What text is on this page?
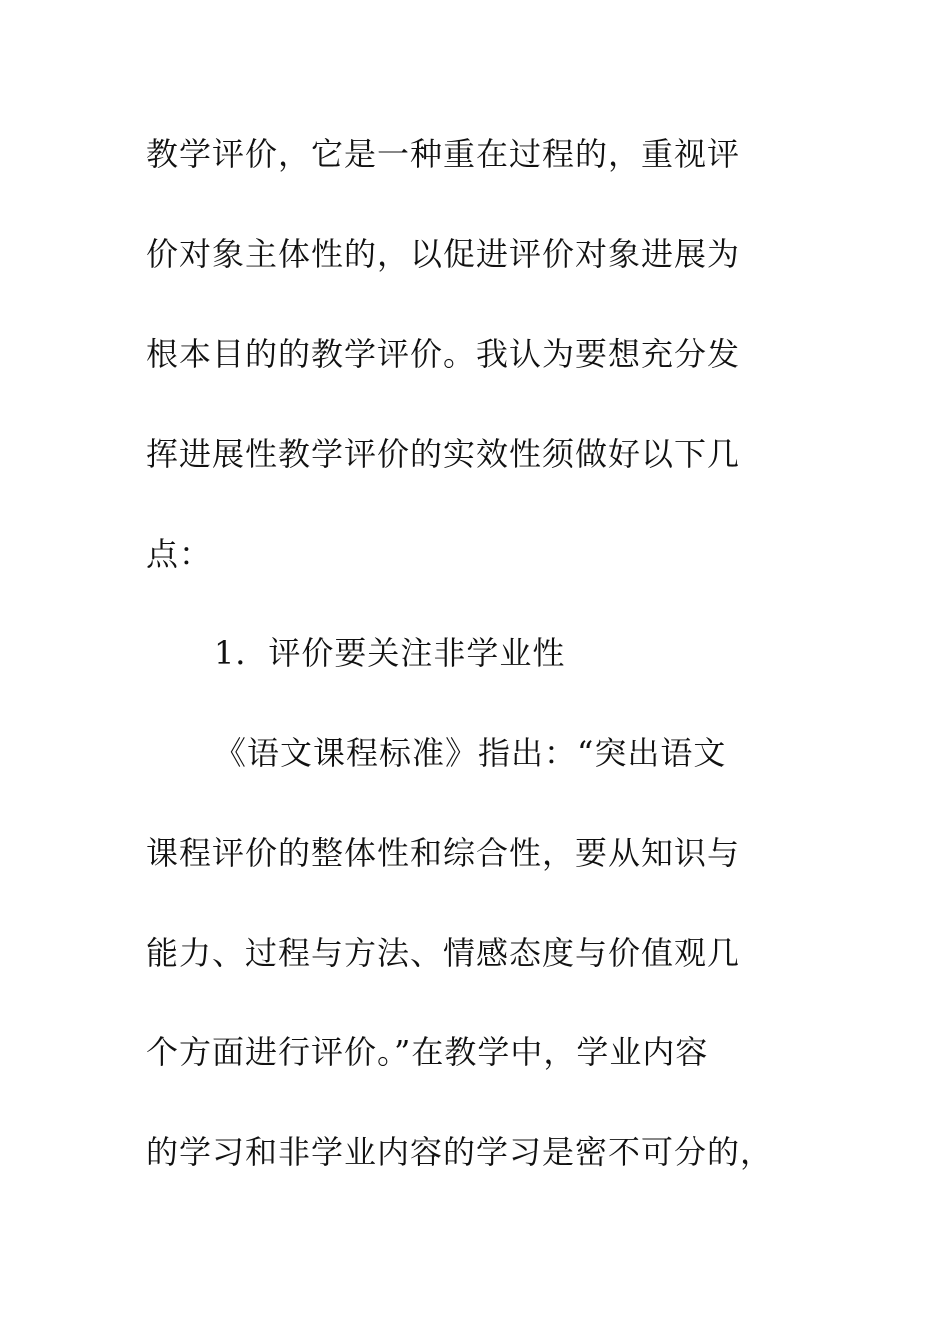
教学评价，它是一种重在过程的，重视评
价对象主体性的，以促进评价对象进展为
根本目的的教学评价。我认为要想充分发
挥进展性教学评价的实效性须做好以下几
点：
1．评价要关注非学业性
《语文课程标准》指出：“突出语文
课程评价的整体性和综合性，要从知识与
能力、过程与方法、情感态度与价值观几
个方面进行评价。”在教学中，学业内容
的学习和非学业内容的学习是密不可分的，
